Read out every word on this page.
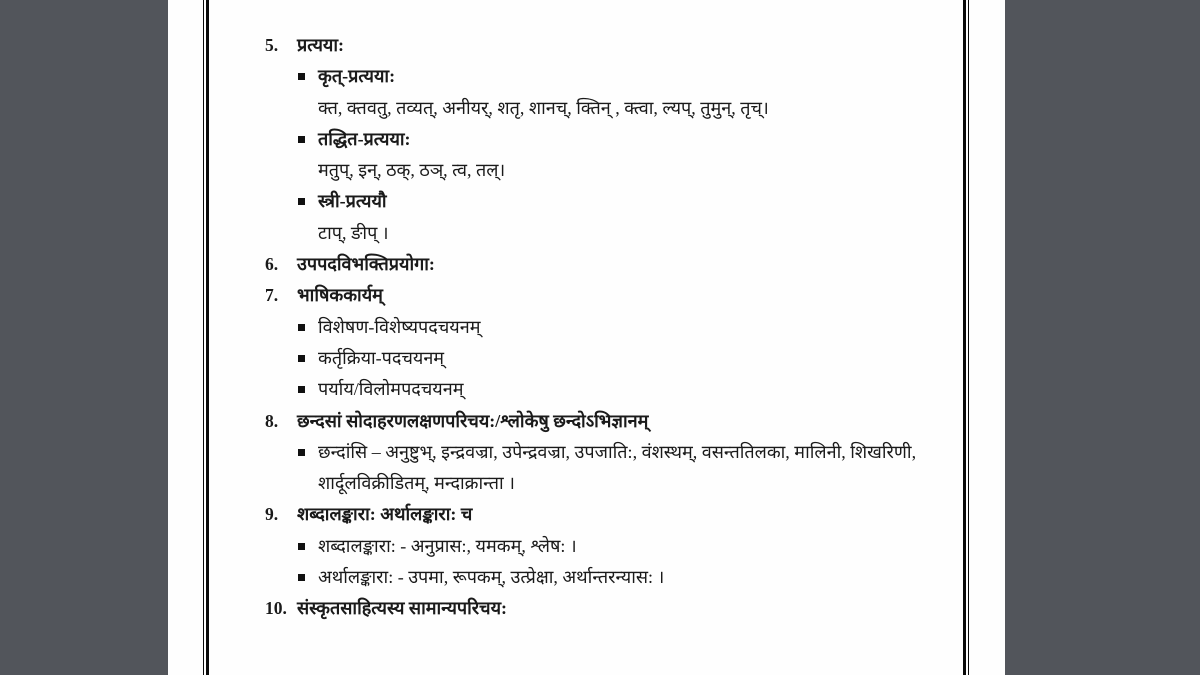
5. प्रत्यया:
कृत्-प्रत्यया:
क्त, क्तवतु, तव्यत्, अनीयर्, शतृ, शानच्, क्तिन् , क्त्वा, ल्यप्, तुमुन्, तृच्।
तद्धित-प्रत्यया:
मतुप्, इन्, ठक्, ठञ्, त्व, तल्।
स्त्री-प्रत्ययौ
टाप्, ङीप् ।
6. उपपदविभक्तिप्रयोगा:
7. भाषिककार्यम्
विशेषण-विशेष्यपदचयनम्
कर्तृक्रिया-पदचयनम्
पर्याय/विलोमपदचयनम्
8. छन्दसां सोदाहरणलक्षणपरिचय:/श्लोकेषु छन्दोऽभिज्ञानम्
छन्दांसि – अनुष्टुभ्, इन्द्रवज्रा, उपेन्द्रवज्रा, उपजाति:, वंशस्थम्, वसन्ततिलका, मालिनी, शिखरिणी,
शार्दूलविक्रीडितम्, मन्दाक्रान्ता ।
9. शब्दालङ्कारा: अर्थालङ्कारा: च
शब्दालङ्कारा: - अनुप्रास:, यमकम्, श्लेष: ।
अर्थालङ्कारा: - उपमा, रूपकम्, उत्प्रेक्षा, अर्थान्तरन्यास: ।
10. संस्कृतसाहित्यस्य सामान्यपरिचय:
